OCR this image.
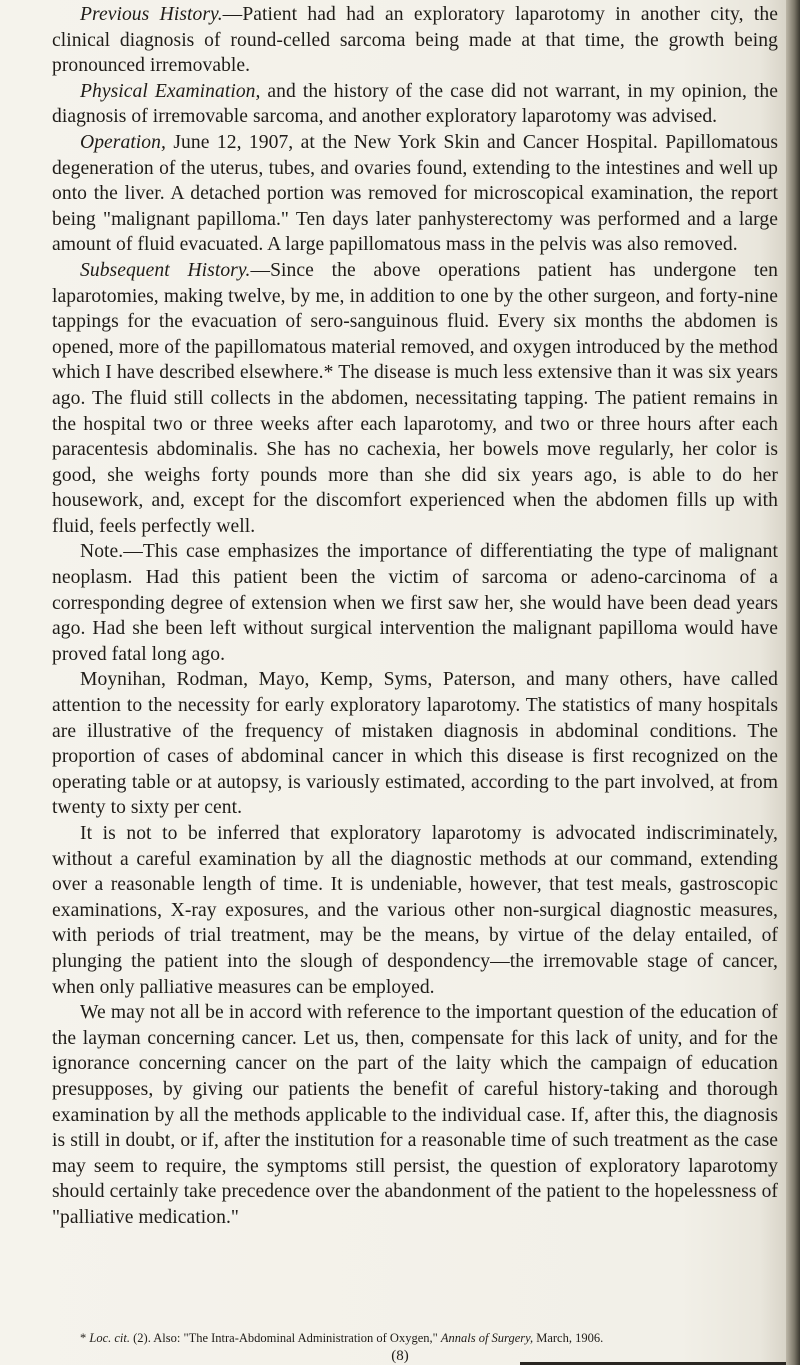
Previous History.—Patient had had an exploratory laparotomy in another city, the clinical diagnosis of round-celled sarcoma being made at that time, the growth being pronounced irremovable.

Physical Examination, and the history of the case did not warrant, in my opinion, the diagnosis of irremovable sarcoma, and another exploratory laparotomy was advised.

Operation, June 12, 1907, at the New York Skin and Cancer Hospital. Papillomatous degeneration of the uterus, tubes, and ovaries found, extending to the intestines and well up onto the liver. A detached portion was removed for microscopical examination, the report being "malignant papilloma." Ten days later panhysterectomy was performed and a large amount of fluid evacuated. A large papillomatous mass in the pelvis was also removed.

Subsequent History.—Since the above operations patient has undergone ten laparotomies, making twelve, by me, in addition to one by the other surgeon, and forty-nine tappings for the evacuation of sero-sanguinous fluid. Every six months the abdomen is opened, more of the papillomatous material removed, and oxygen introduced by the method which I have described elsewhere.* The disease is much less extensive than it was six years ago. The fluid still collects in the abdomen, necessitating tapping. The patient remains in the hospital two or three weeks after each laparotomy, and two or three hours after each paracentesis abdominalis. She has no cachexia, her bowels move regularly, her color is good, she weighs forty pounds more than she did six years ago, is able to do her housework, and, except for the discomfort experienced when the abdomen fills up with fluid, feels perfectly well.

Note.—This case emphasizes the importance of differentiating the type of malignant neoplasm. Had this patient been the victim of sarcoma or adeno-carcinoma of a corresponding degree of extension when we first saw her, she would have been dead years ago. Had she been left without surgical intervention the malignant papilloma would have proved fatal long ago.

Moynihan, Rodman, Mayo, Kemp, Syms, Paterson, and many others, have called attention to the necessity for early exploratory laparotomy. The statistics of many hospitals are illustrative of the frequency of mistaken diagnosis in abdominal conditions. The proportion of cases of abdominal cancer in which this disease is first recognized on the operating table or at autopsy, is variously estimated, according to the part involved, at from twenty to sixty per cent.

It is not to be inferred that exploratory laparotomy is advocated indiscriminately, without a careful examination by all the diagnostic methods at our command, extending over a reasonable length of time. It is undeniable, however, that test meals, gastroscopic examinations, X-ray exposures, and the various other non-surgical diagnostic measures, with periods of trial treatment, may be the means, by virtue of the delay entailed, of plunging the patient into the slough of despondency—the irremovable stage of cancer, when only palliative measures can be employed.

We may not all be in accord with reference to the important question of the education of the layman concerning cancer. Let us, then, compensate for this lack of unity, and for the ignorance concerning cancer on the part of the laity which the campaign of education presupposes, by giving our patients the benefit of careful history-taking and thorough examination by all the methods applicable to the individual case. If, after this, the diagnosis is still in doubt, or if, after the institution for a reasonable time of such treatment as the case may seem to require, the symptoms still persist, the question of exploratory laparotomy should certainly take precedence over the abandonment of the patient to the hopelessness of "palliative medication."

* Loc. cit. (2). Also: "The Intra-Abdominal Administration of Oxygen," Annals of Surgery, March, 1906.
(8)
